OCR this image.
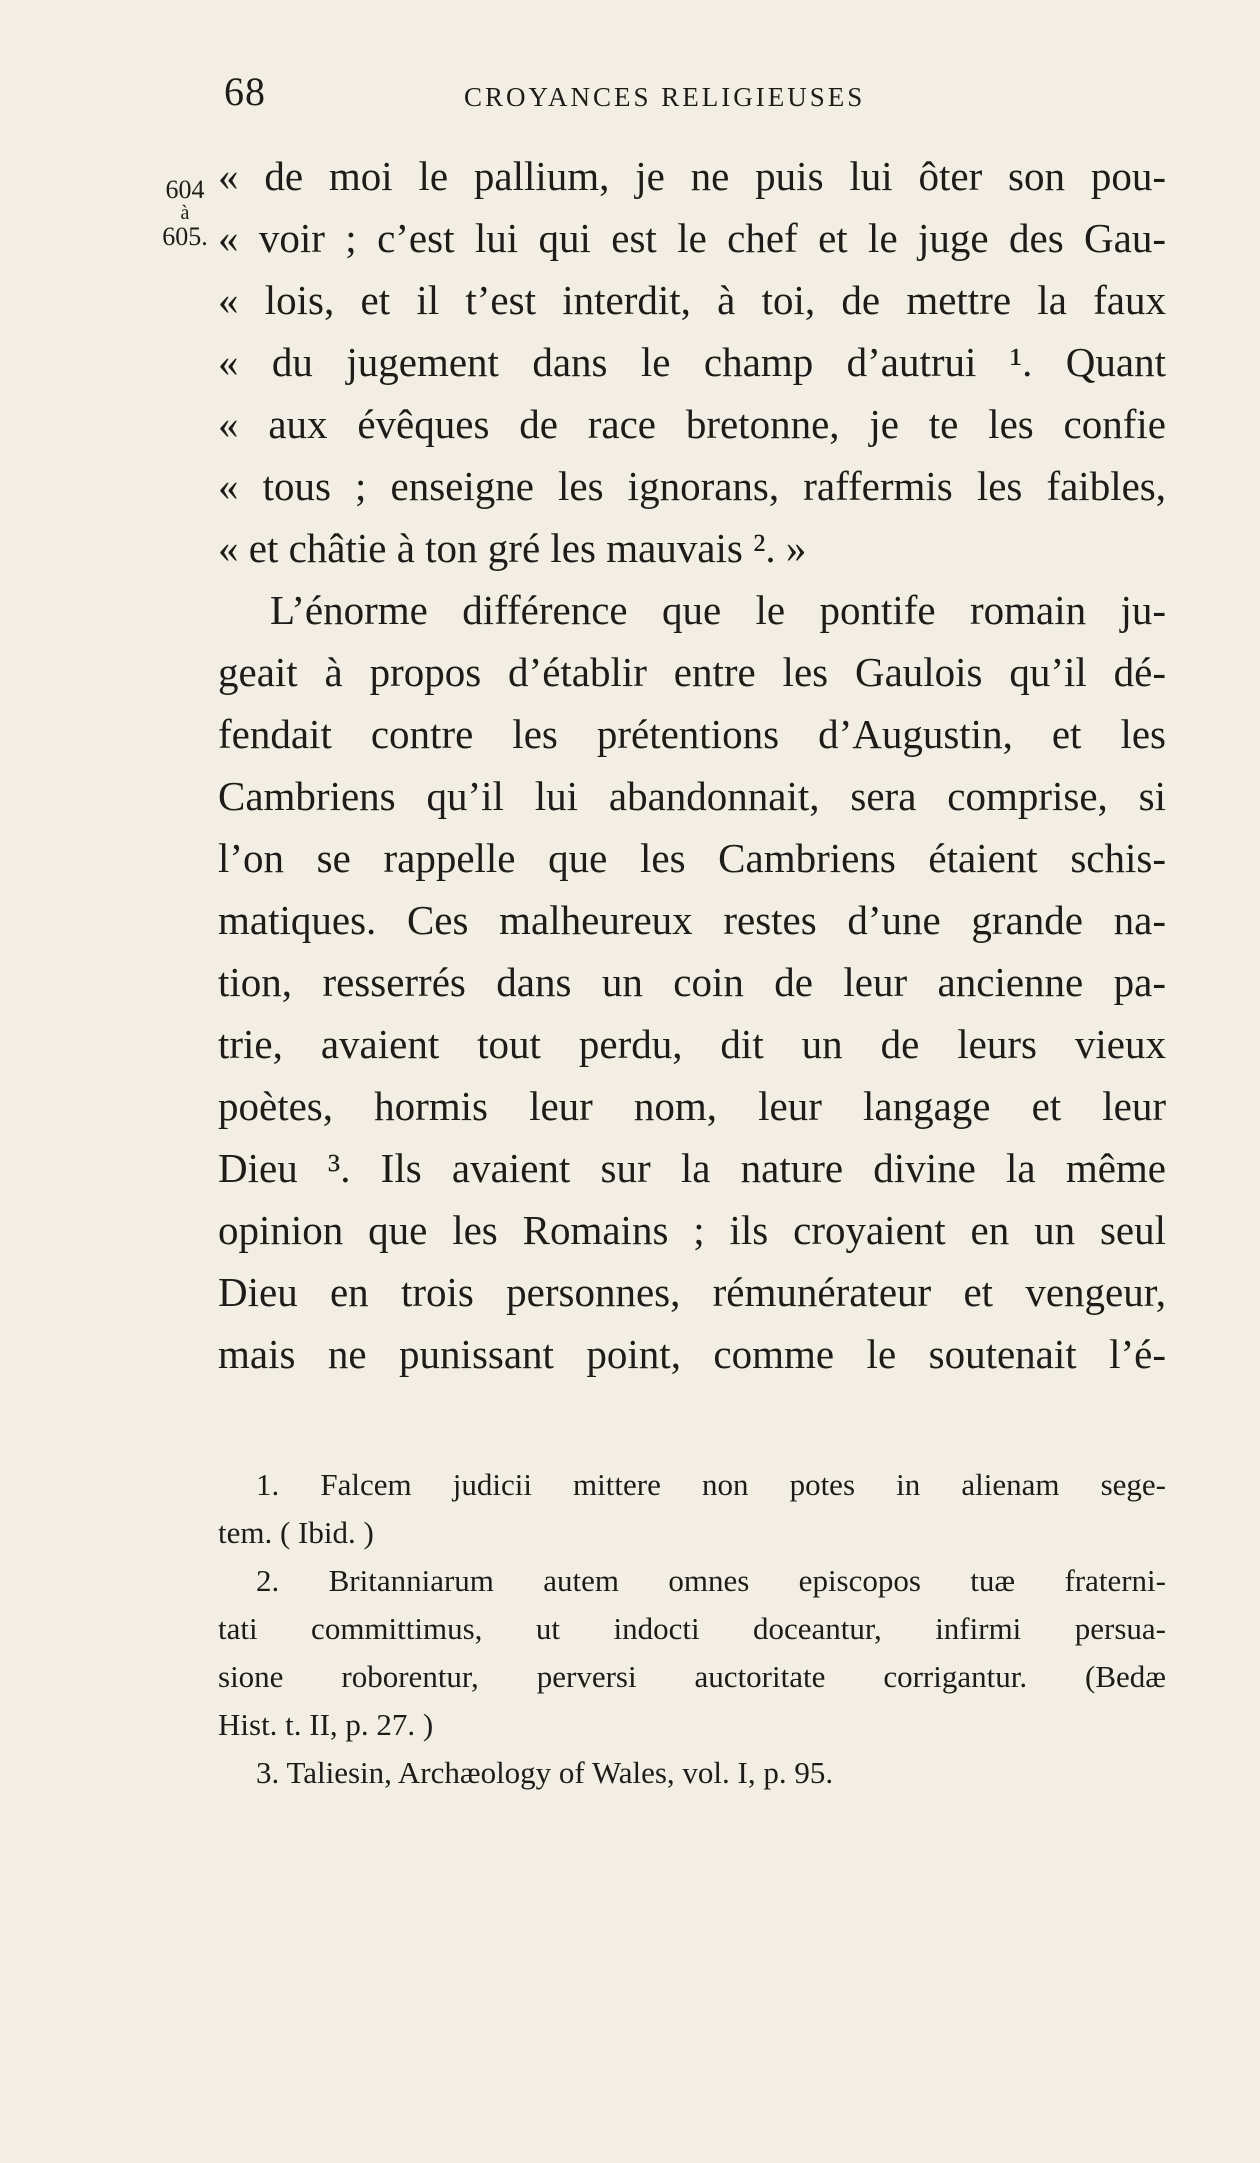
68	CROYANCES RELIGIEUSES
604
à
605.
« de moi le pallium, je ne puis lui ôter son pou-
« voir ; c’est lui qui est le chef et le juge des Gau-
« lois, et il t’est interdit, à toi, de mettre la faux
« du jugement dans le champ d’autrui ¹. Quant
« aux évêques de race bretonne, je te les confie
« tous ; enseigne les ignorans, raffermis les faibles,
« et châtie à ton gré les mauvais ². »
L’énorme différence que le pontife romain ju-
geait à propos d’établir entre les Gaulois qu’il dé-
fendait contre les prétentions d’Augustin, et les
Cambriens qu’il lui abandonnait, sera comprise, si
l’on se rappelle que les Cambriens étaient schis-
matiques. Ces malheureux restes d’une grande na-
tion, resserrés dans un coin de leur ancienne pa-
trie, avaient tout perdu, dit un de leurs vieux
poètes, hormis leur nom, leur langage et leur
Dieu ³. Ils avaient sur la nature divine la même
opinion que les Romains ; ils croyaient en un seul
Dieu en trois personnes, rémunérateur et vengeur,
mais ne punissant point, comme le soutenait l’é-
1. Falcem judicii mittere non potes in alienam sege-
tem. ( Ibid. )
2. Britanniarum autem omnes episcopos tuæ fraterni-
tati committimus, ut indocti doceantur, infirmi persua-
sione roborentur, perversi auctoritate corrigantur. (Bedæ
Hist. t. II, p. 27. )
3. Taliesin, Archæology of Wales, vol. I, p. 95.
